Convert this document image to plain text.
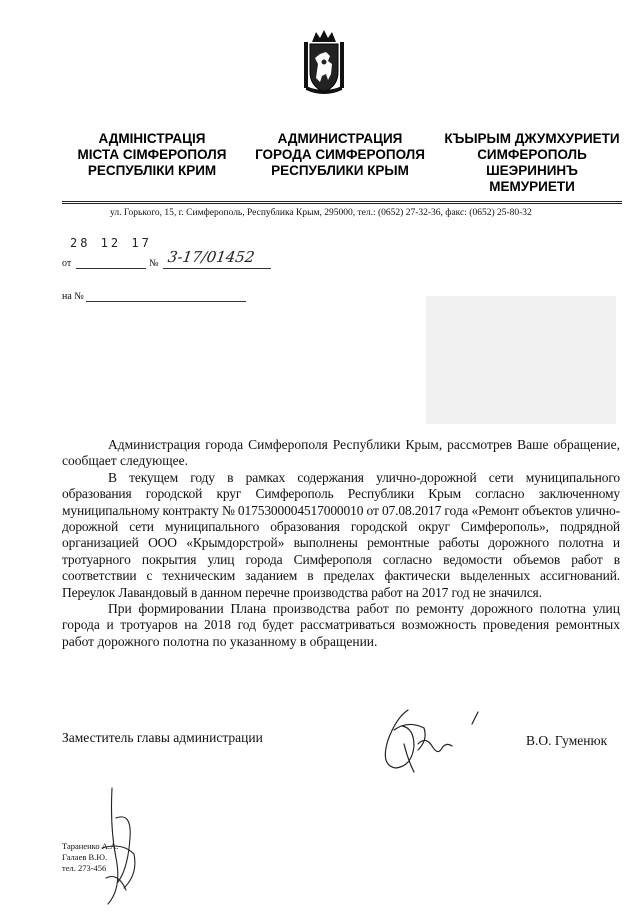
АДМІНІСТРАЦІЯ
МІСТА СІМФЕРОПОЛЯ
РЕСПУБЛІКИ КРИМ
АДМИНИСТРАЦИЯ
ГОРОДА СИМФЕРОПОЛЯ
РЕСПУБЛИКИ КРЫМ
КЪЫРЫМ ДЖУМХУРИЕТИ
СИМФЕРОПОЛЬ
ШЕЭРИНИНЪ
МЕМУРИЕТИ
ул. Горького, 15, г. Симферополь, Республика Крым, 295000, тел.: (0652) 27-32-36, факс: (0652) 25-80-32
28 12 17
от	№ 3-17/01452
на №

Администрация города Симферополя Республики Крым, рассмотрев Ваше обращение, сообщает следующее.

В текущем году в рамках содержания улично-дорожной сети муниципального образования городской круг Симферополь Республики Крым согласно заключенному муниципальному контракту № 0175300004517000010 от 07.08.2017 года «Ремонт объектов улично-дорожной сети муниципального образования городской округ Симферополь», подрядной организацией ООО «Крымдорстрой» выполнены ремонтные работы дорожного полотна и тротуарного покрытия улиц города Симферополя согласно ведомости объемов работ в соответствии с техническим заданием в пределах фактически выделенных ассигнований. Переулок Лавандовый в данном перечне производства работ на 2017 год не значился.

При формировании Плана производства работ по ремонту дорожного полотна улиц города и тротуаров на 2018 год будет рассматриваться возможность проведения ремонтных работ дорожного полотна по указанному в обращении.

Заместитель главы администрации	В.О. Гуменюк
Тараненко А.А.
Галаев В.Ю.
тел. 273-456
